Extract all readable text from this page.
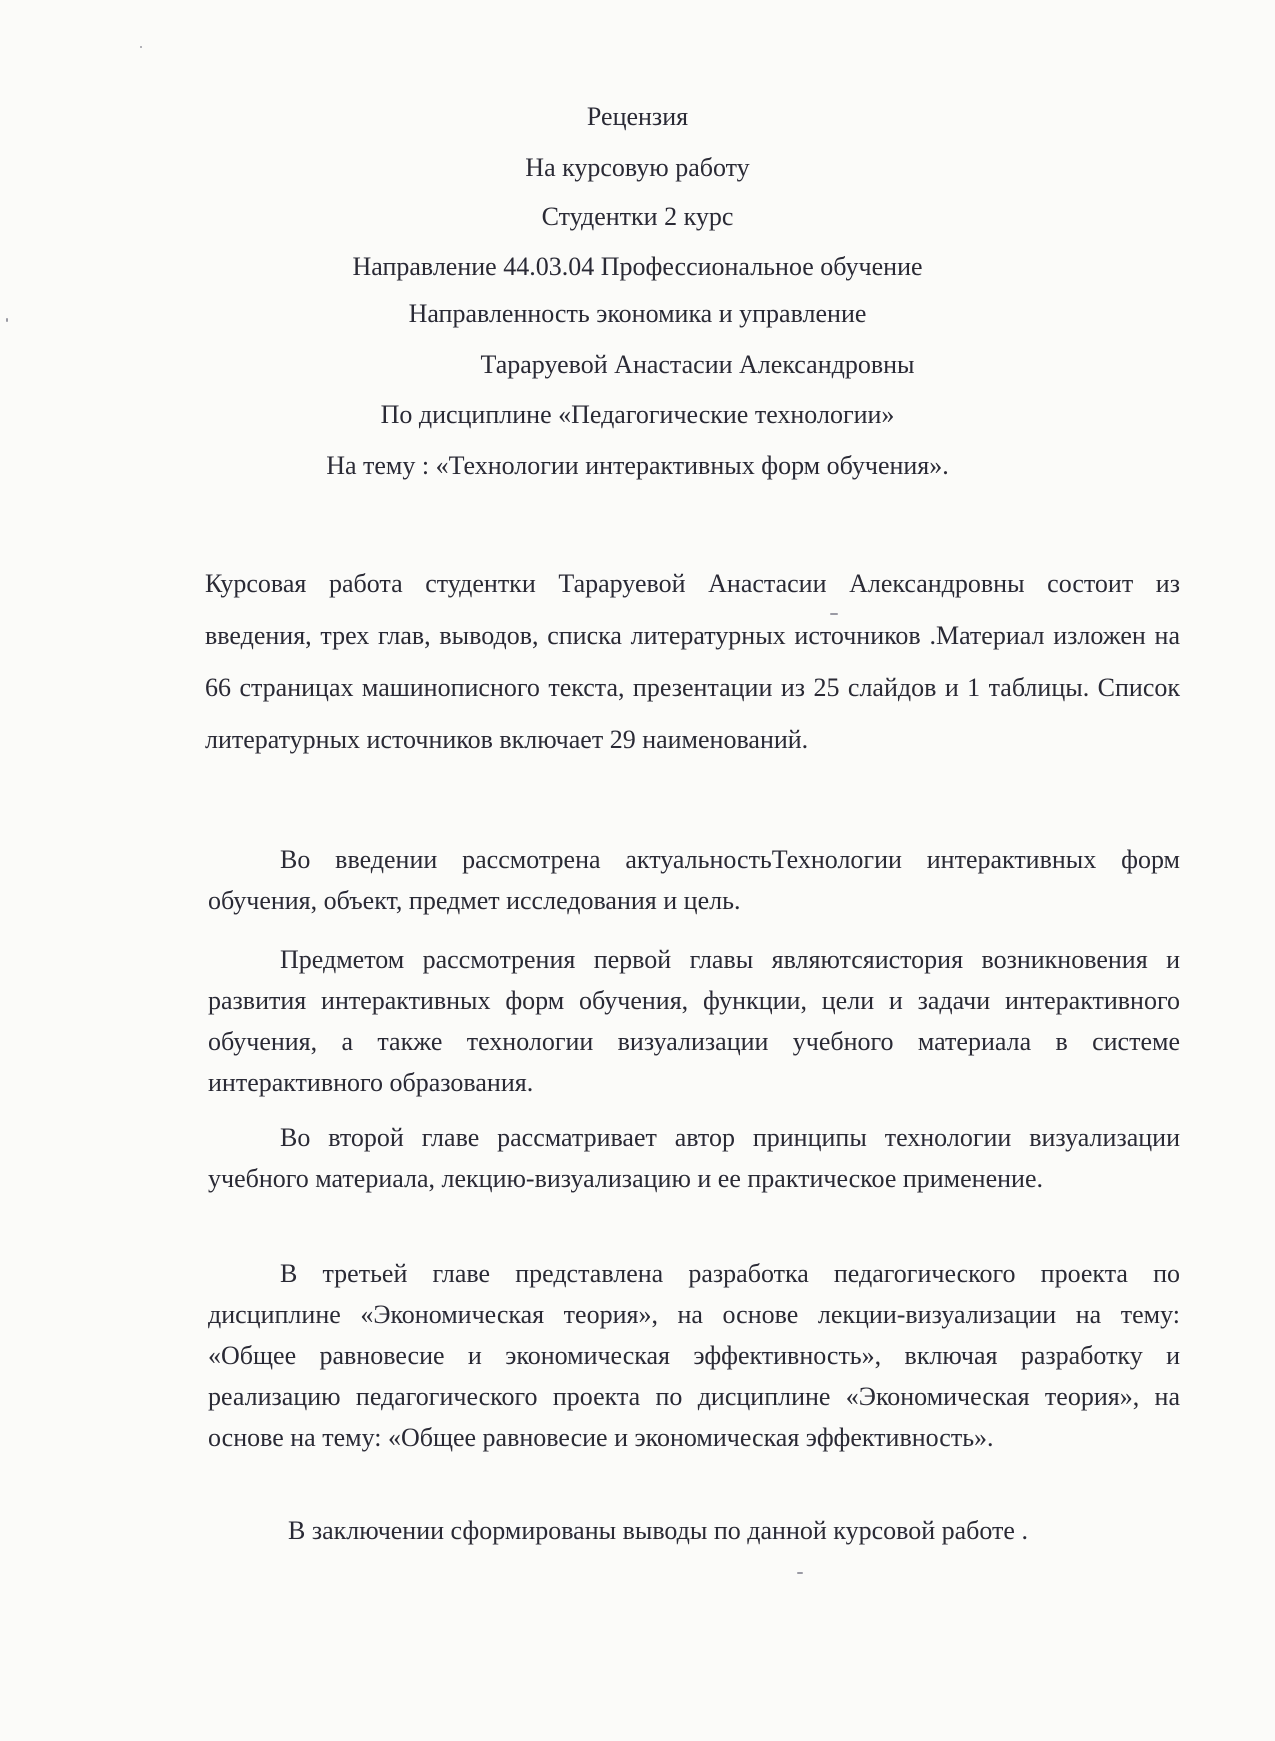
Рецензия
На курсовую работу
Студентки 2 курс
Направление 44.03.04 Профессиональное обучение
Направленность экономика и управление
Тараруевой Анастасии Александровны
По дисциплине «Педагогические технологии»
На тему : «Технологии интерактивных форм обучения».
Курсовая работа студентки Тараруевой Анастасии Александровны состоит из введения, трех глав, выводов, списка литературных источников .Материал изложен на 66 страницах машинописного текста, презентации из 25 слайдов и 1 таблицы. Список литературных источников включает 29 наименований.
Во введении рассмотрена актуальностьТехнологии интерактивных форм обучения, объект, предмет исследования и цель.
Предметом рассмотрения первой главы являютсяистория возникновения и развития интерактивных форм обучения, функции, цели и задачи интерактивного обучения, а также технологии визуализации учебного материала в системе интерактивного образования.
Во второй главе рассматривает автор принципы технологии визуализации учебного материала, лекцию-визуализацию и ее практическое применение.
В третьей главе представлена разработка педагогического проекта по дисциплине «Экономическая теория», на основе лекции-визуализации на тему: «Общее равновесие и экономическая эффективность», включая разработку и реализацию педагогического проекта по дисциплине «Экономическая теория», на основе на тему: «Общее равновесие и экономическая эффективность».
В заключении сформированы выводы по данной курсовой работе .
